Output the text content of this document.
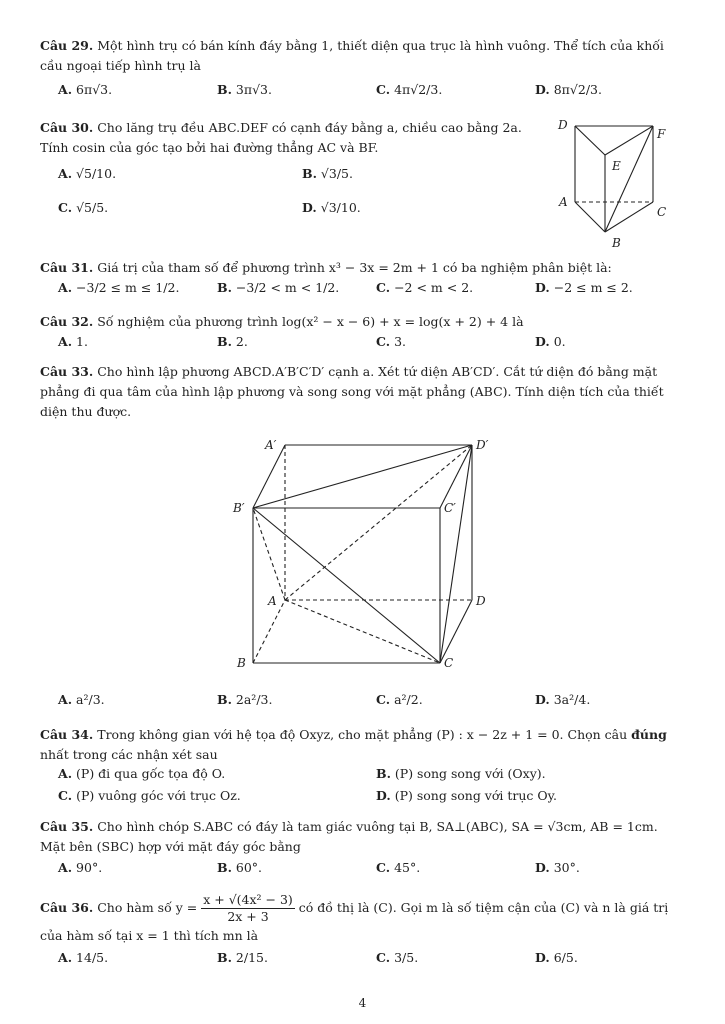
Câu 29. Một hình trụ có bán kính đáy bằng 1, thiết diện qua trục là hình vuông. Thể tích của khối cầu ngoại tiếp hình trụ là
A. 6π√3.	B. 3π√3.	C. 4π√2/3.	D. 8π√2/3.
Câu 30. Cho lăng trụ đều ABC.DEF có cạnh đáy bằng a, chiều cao bằng 2a. Tính cosin của góc tạo bởi hai đường thẳng AC và BF.
A. √5/10.	B. √3/5.
C. √5/5.	D. √3/10.
D
F
E
A
C
B
Câu 31. Giá trị của tham số để phương trình x³ − 3x = 2m + 1 có ba nghiệm phân biệt là:
A. −3/2 ≤ m ≤ 1/2.	B. −3/2 < m < 1/2.	C. −2 < m < 2.	D. −2 ≤ m ≤ 2.
Câu 32. Số nghiệm của phương trình log(x² − x − 6) + x = log(x + 2) + 4 là
A. 1.	B. 2.	C. 3.	D. 0.
Câu 33. Cho hình lập phương ABCD.A′B′C′D′ cạnh a. Xét tứ diện AB′CD′. Cắt tứ diện đó bằng mặt phẳng đi qua tâm của hình lập phương và song song với mặt phẳng (ABC). Tính diện tích của thiết diện thu được.
A′	D′
B′	C′
A	D
B	C
A. a²/3.	B. 2a²/3.	C. a²/2.	D. 3a²/4.
Câu 34. Trong không gian với hệ tọa độ Oxyz, cho mặt phẳng (P) : x − 2z + 1 = 0. Chọn câu đúng nhất trong các nhận xét sau
A. (P) đi qua gốc tọa độ O.	B. (P) song song với (Oxy).
C. (P) vuông góc với trục Oz.	D. (P) song song với trục Oy.
Câu 35. Cho hình chóp S.ABC có đáy là tam giác vuông tại B, SA⊥(ABC), SA = √3cm, AB = 1cm. Mặt bên (SBC) hợp với mặt đáy góc bằng
A. 90°.	B. 60°.	C. 45°.	D. 30°.
Câu 36. Cho hàm số $y = \frac{\text{x + √(4x² − 3)}}{2x + 3}$ có đồ thị là (C). Gọi m là số tiệm cận của (C) và n là giá trị của hàm số tại x = 1 thì tích mn là
A. 14/5.	B. 2/15.	C. 3/5.	D. 6/5.
4
